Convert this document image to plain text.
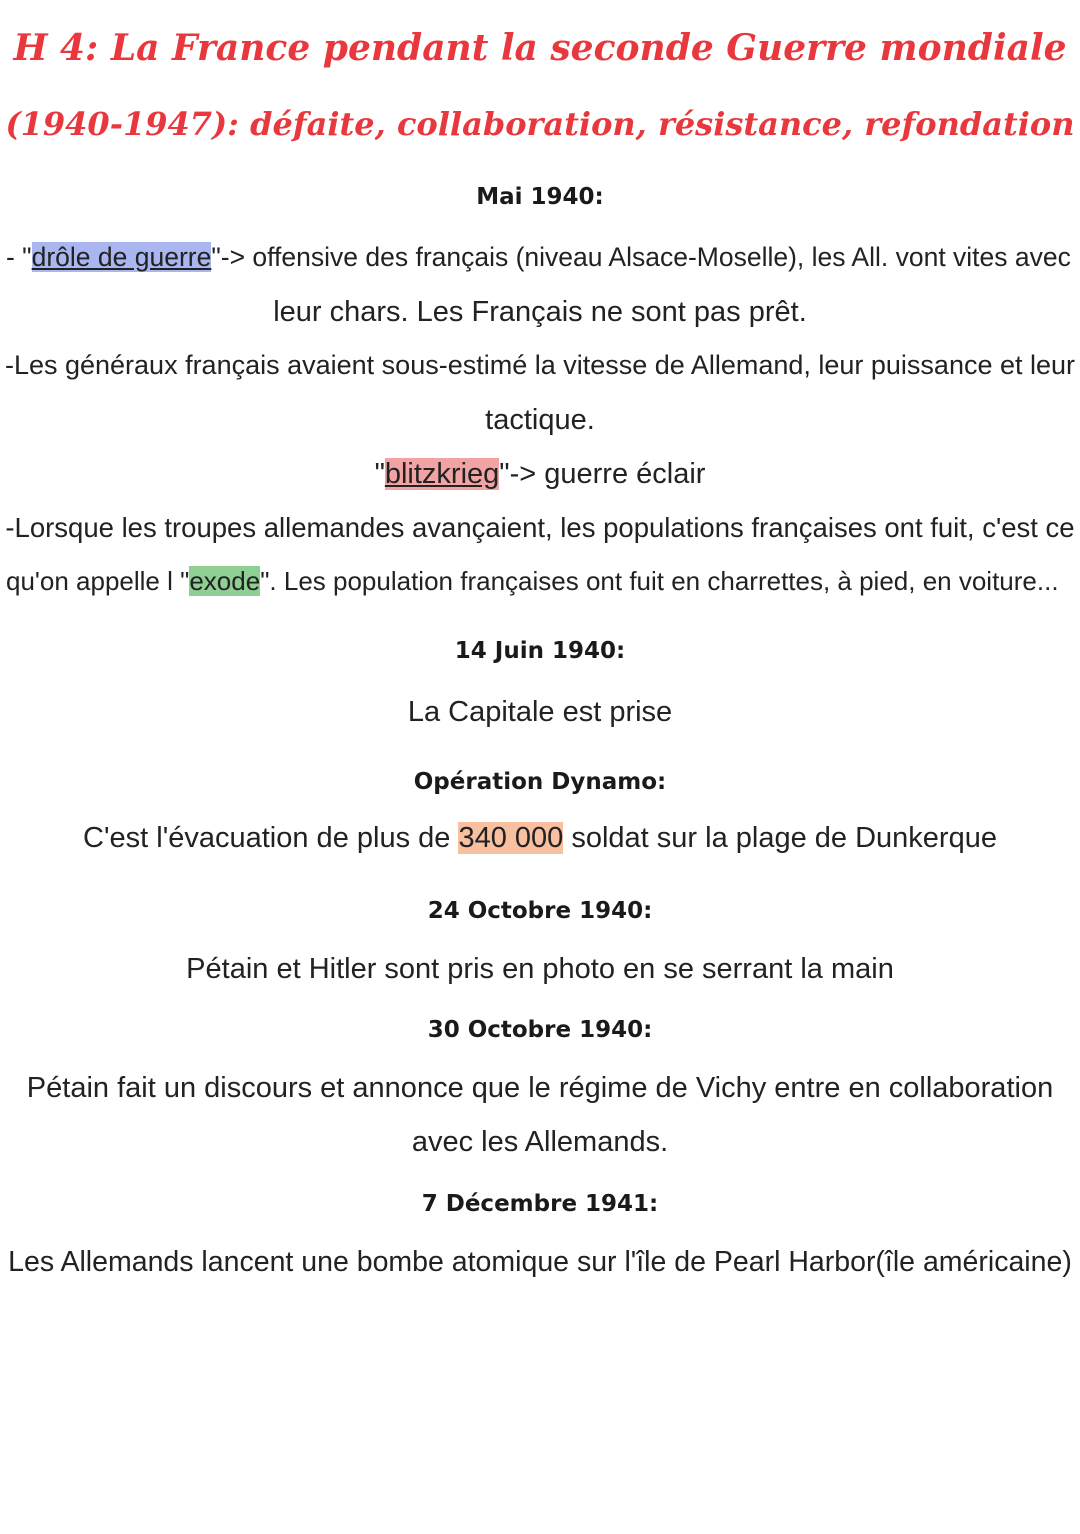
H 4: La France pendant la seconde Guerre mondiale
(1940-1947): défaite, collaboration, résistance, refondation
Mai 1940:
- "drôle de guerre"-> offensive des français (niveau Alsace-Moselle), les All. vont vites avec
leur chars. Les Français ne sont pas prêt.
-Les généraux français avaient sous-estimé la vitesse de Allemand, leur puissance et leur
tactique.
"blitzkrieg"-> guerre éclair
-Lorsque les troupes allemandes avançaient, les populations françaises ont fuit, c'est ce
qu'on appelle l "exode". Les population françaises ont fuit en charrettes, à pied, en voiture...
14 Juin 1940:
La Capitale est prise
Opération Dynamo:
C'est l'évacuation de plus de 340 000 soldat sur la plage de Dunkerque
24 Octobre 1940:
Pétain et Hitler sont pris en photo en se serrant la main
30 Octobre 1940:
Pétain fait un discours et annonce que le régime de Vichy entre en collaboration
avec les Allemands.
7 Décembre 1941:
Les Allemands lancent une bombe atomique sur l'île de Pearl Harbor(île américaine)
